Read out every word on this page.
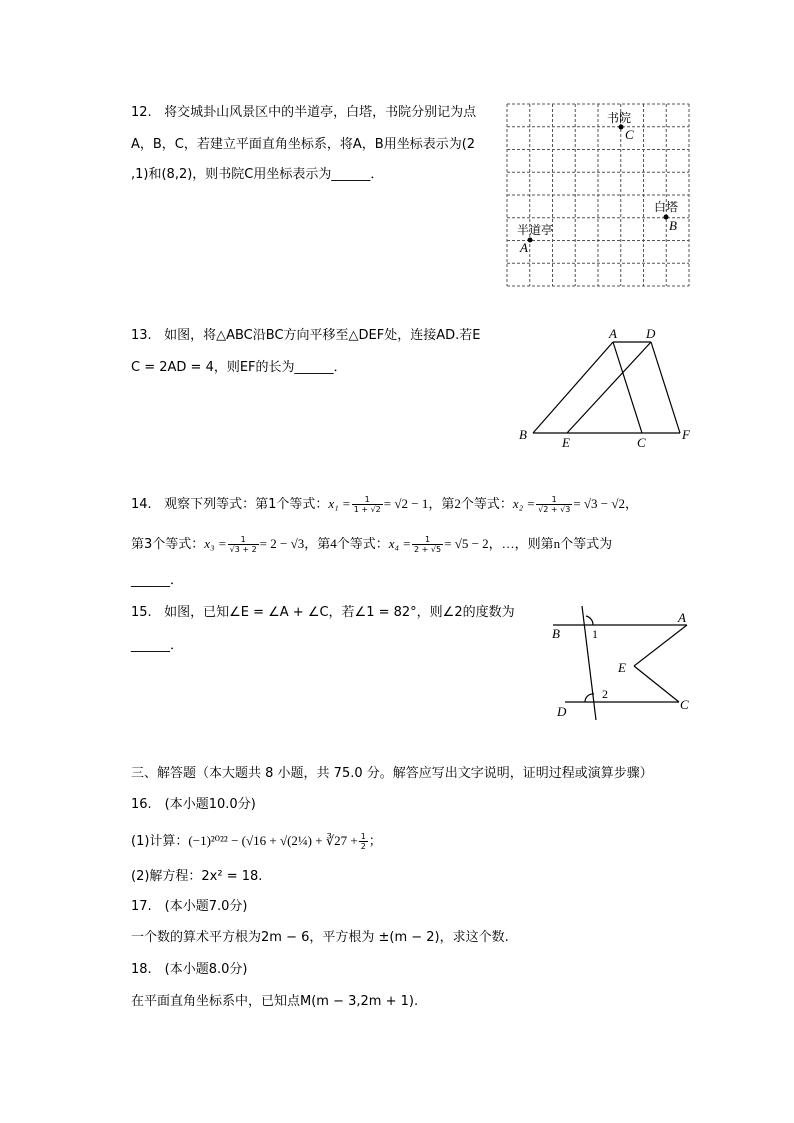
12. 将交城卦山风景区中的半道亭，白塔，书院分别记为点
A，B，C，若建立平面直角坐标系，将A，B用坐标表示为(2
,1)和(8,2)，则书院C用坐标表示为______．
书院
C
白塔
B
半道亭
A
13. 如图，将△ABC沿BC方向平移至△DEF处，连接AD.若E
C = 2AD = 4，则EF的长为______．
A D
B
E	C
F
14. 观察下列等式：第1个等式：$x_1 = \frac{1}{1 + √2} = √2 - 1$，第2个等式：$x_2 = \frac{1}{√2 + √3} = √3 - √2$，
第3个等式：$x_3 = \frac{1}{√3 + 2} = 2 - √3$，第4个等式：$x_4 = \frac{1}{2 + √5} = √5 - 2$，…，则第n个等式为
______．
15. 如图，已知∠E = ∠A + ∠C，若∠1 = 82°，则∠2的度数为
______．
A
B	1
E
2
C
D
三、解答题（本大题共 8 小题，共 75.0 分。解答应写出文字说明，证明过程或演算步骤）
16.　(本小题10.0分)
(1)计算：(−1)²⁰²² − (√16 + √(2¼) + ∛27 + $\frac{1}{2}$ ；
(2)解方程：2x² = 18.
17.　(本小题7.0分)
一个数的算术平方根为2m − 6，平方根为 ±(m − 2)，求这个数.
18.　(本小题8.0分)
在平面直角坐标系中，已知点M(m − 3,2m + 1).
